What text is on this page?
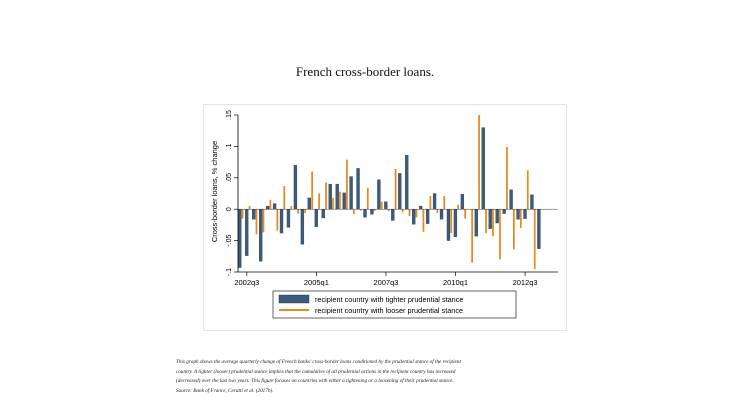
French cross-border loans.
-.1
-.05
0
.05
.1
.15
Cross-border loans, % change
2002q3	2005q1	2007q3	2010q1	2012q3
recipient country with tighter prudential stance
recipient country with looser prudential stance
This graph shows the average quarterly change of French banks' cross-border loans conditioned by the prudential stance of the recipient
country. A tighter (looser) prudential stance implies that the cumulative of all prudential actions in the recipient country has increased
(decreased) over the last two years. This figure focuses on countries with either a tightening or a loosening of their prudential stance.
Source: Bank of France, Cerutti et al. (2017b).
